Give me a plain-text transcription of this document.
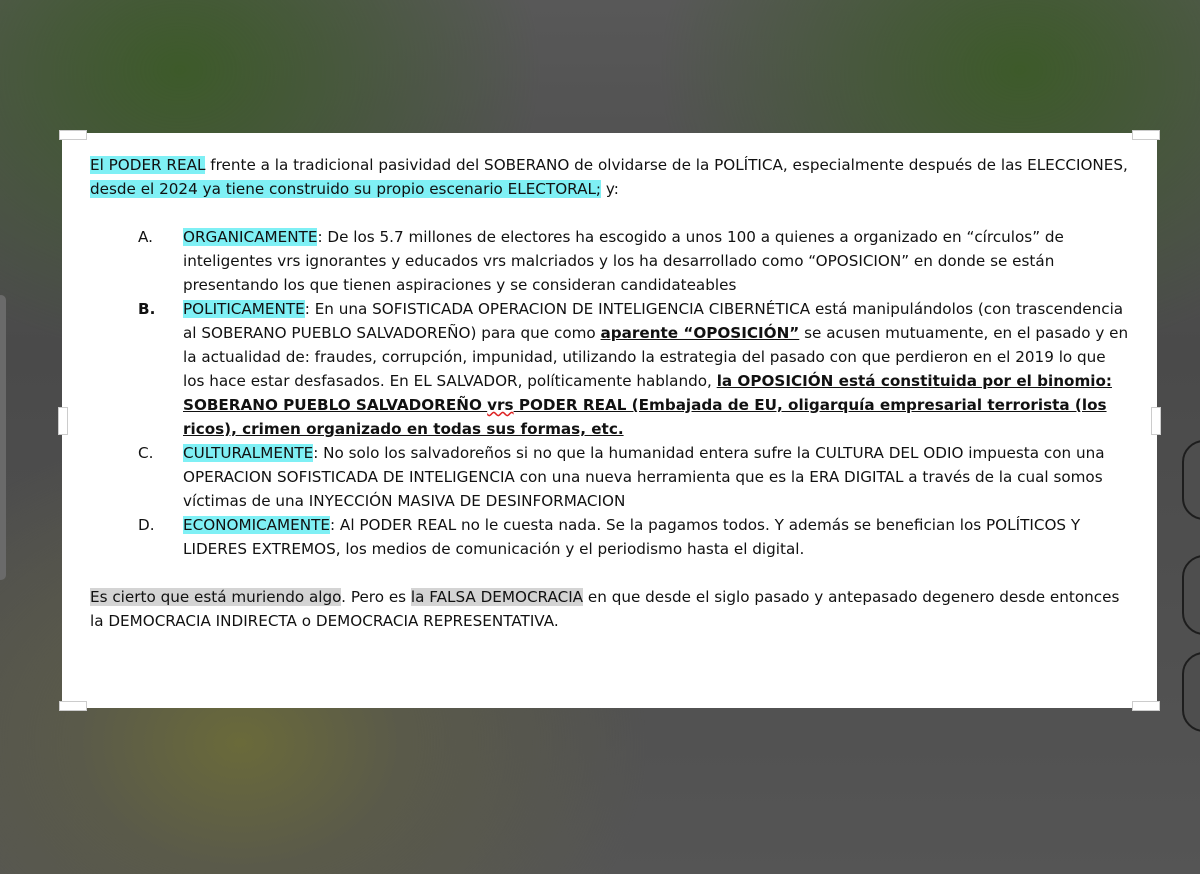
El PODER REAL frente a la tradicional pasividad del SOBERANO de olvidarse de la POLÍTICA, especialmente después de las ELECCIONES, desde el 2024 ya tiene construido su propio escenario ELECTORAL; y:

A.	ORGANICAMENTE: De los 5.7 millones de electores ha escogido a unos 100 a quienes a organizado en “círculos” de inteligentes vrs ignorantes y educados vrs malcriados y los ha desarrollado como “OPOSICION” en donde se están presentando los que tienen aspiraciones y se consideran candidateables
B.	POLITICAMENTE: En una SOFISTICADA OPERACION DE INTELIGENCIA CIBERNÉTICA está manipulándolos (con trascendencia al SOBERANO PUEBLO SALVADOREÑO) para que como aparente “OPOSICIÓN” se acusen mutuamente, en el pasado y en la actualidad de: fraudes, corrupción, impunidad, utilizando la estrategia del pasado con que perdieron en el 2019 lo que los hace estar desfasados. En EL SALVADOR, políticamente hablando, la OPOSICIÓN está constituida por el binomio: SOBERANO PUEBLO SALVADOREÑO vrs PODER REAL (Embajada de EU, oligarquía empresarial terrorista (los ricos), crimen organizado en todas sus formas, etc.
C.	CULTURALMENTE: No solo los salvadoreños si no que la humanidad entera sufre la CULTURA DEL ODIO impuesta con una OPERACION SOFISTICADA DE INTELIGENCIA con una nueva herramienta que es la ERA DIGITAL a través de la cual somos víctimas de una INYECCIÓN MASIVA DE DESINFORMACION
D.	ECONOMICAMENTE: Al PODER REAL no le cuesta nada. Se la pagamos todos. Y además se benefician los POLÍTICOS Y LIDERES EXTREMOS, los medios de comunicación y el periodismo hasta el digital.

Es cierto que está muriendo algo. Pero es la FALSA DEMOCRACIA en que desde el siglo pasado y antepasado degenero desde entonces la DEMOCRACIA INDIRECTA o DEMOCRACIA REPRESENTATIVA.
